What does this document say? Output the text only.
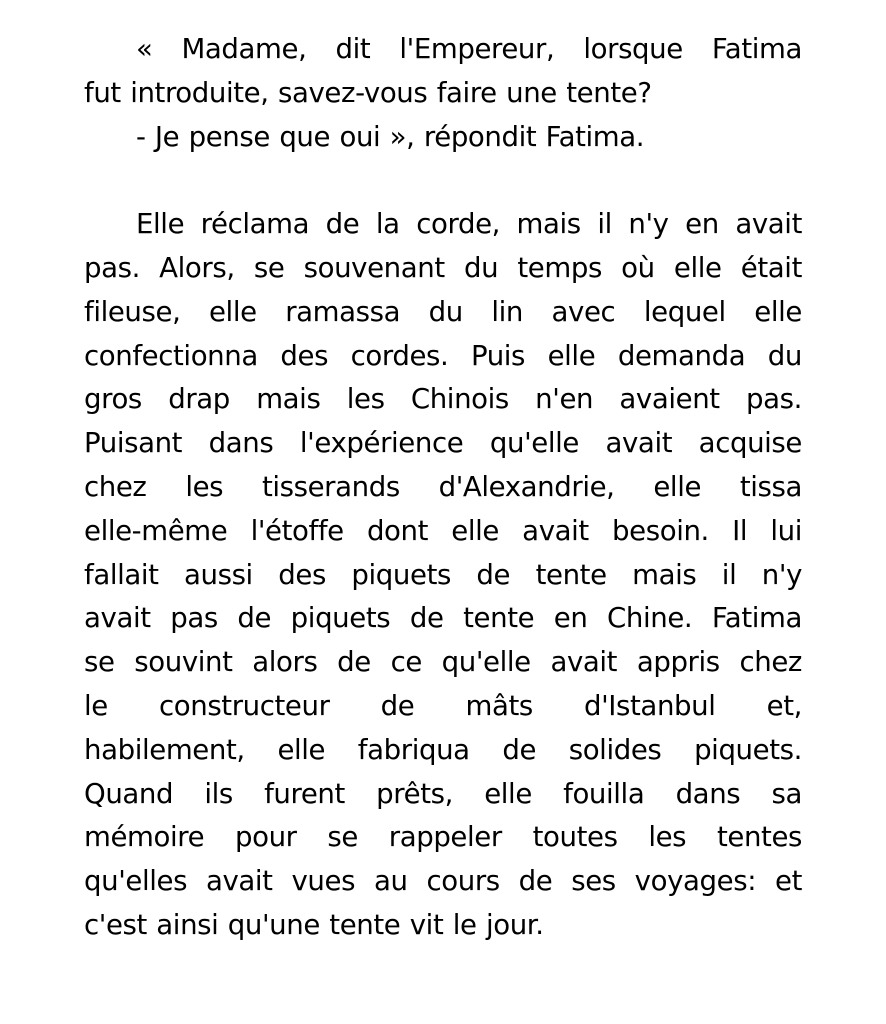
« Madame, dit l'Empereur, lorsque Fatima
fut introduite, savez-vous faire une tente?
- Je pense que oui », répondit Fatima.
Elle réclama de la corde, mais il n'y en avait
pas. Alors, se souvenant du temps où elle était
fileuse, elle ramassa du lin avec lequel elle
confectionna des cordes. Puis elle demanda du
gros drap mais les Chinois n'en avaient pas.
Puisant dans l'expérience qu'elle avait acquise
chez les tisserands d'Alexandrie, elle tissa
elle-même l'étoffe dont elle avait besoin. Il lui
fallait aussi des piquets de tente mais il n'y
avait pas de piquets de tente en Chine. Fatima
se souvint alors de ce qu'elle avait appris chez
le constructeur de mâts d'Istanbul et,
habilement, elle fabriqua de solides piquets.
Quand ils furent prêts, elle fouilla dans sa
mémoire pour se rappeler toutes les tentes
qu'elles avait vues au cours de ses voyages: et
c'est ainsi qu'une tente vit le jour.
